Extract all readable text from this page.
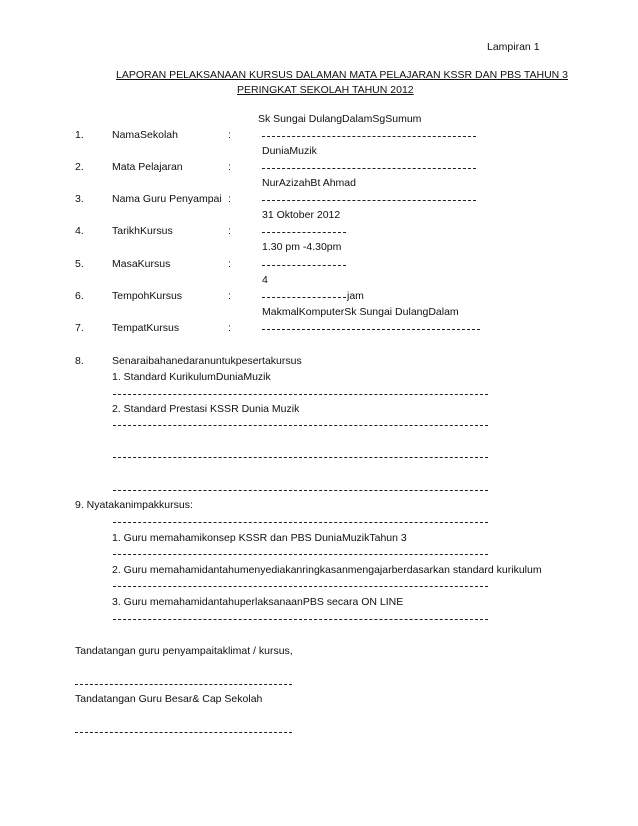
Lampiran 1
LAPORAN PELAKSANAAN KURSUS DALAMAN MATA PELAJARAN KSSR DAN PBS TAHUN 3
PERINGKAT SEKOLAH TAHUN 2012
Sk Sungai DulangDalamSgSumum
1.	NamaSekolah	:
DuniaMuzik
2.	Mata Pelajaran	:
NurAzizahBt Ahmad
3.	Nama Guru Penyampai :
31 Oktober 2012
4.	TarikhKursus	:
1.30 pm -4.30pm
5.	MasaKursus	:
4
6.	TempohKursus	:	jam
MakmalKomputerSk Sungai DulangDalam
7.	TempatKursus	:
8.	Senaraibahanedaranuntukpesertakursus
1. Standard KurikulumDuniaMuzik
2. Standard Prestasi KSSR Dunia Muzik
9. Nyatakanimpakkursus:
1. Guru memahamikonsep KSSR dan PBS DuniaMuzikTahun 3
2. Guru memahamidantahumenyediakanringkasanmengajarberdasarkan standard kurikulum
3. Guru memahamidantahuperlaksanaanPBS secara ON LINE
Tandatangan guru penyampaitaklimat / kursus,
Tandatangan Guru Besar& Cap Sekolah
